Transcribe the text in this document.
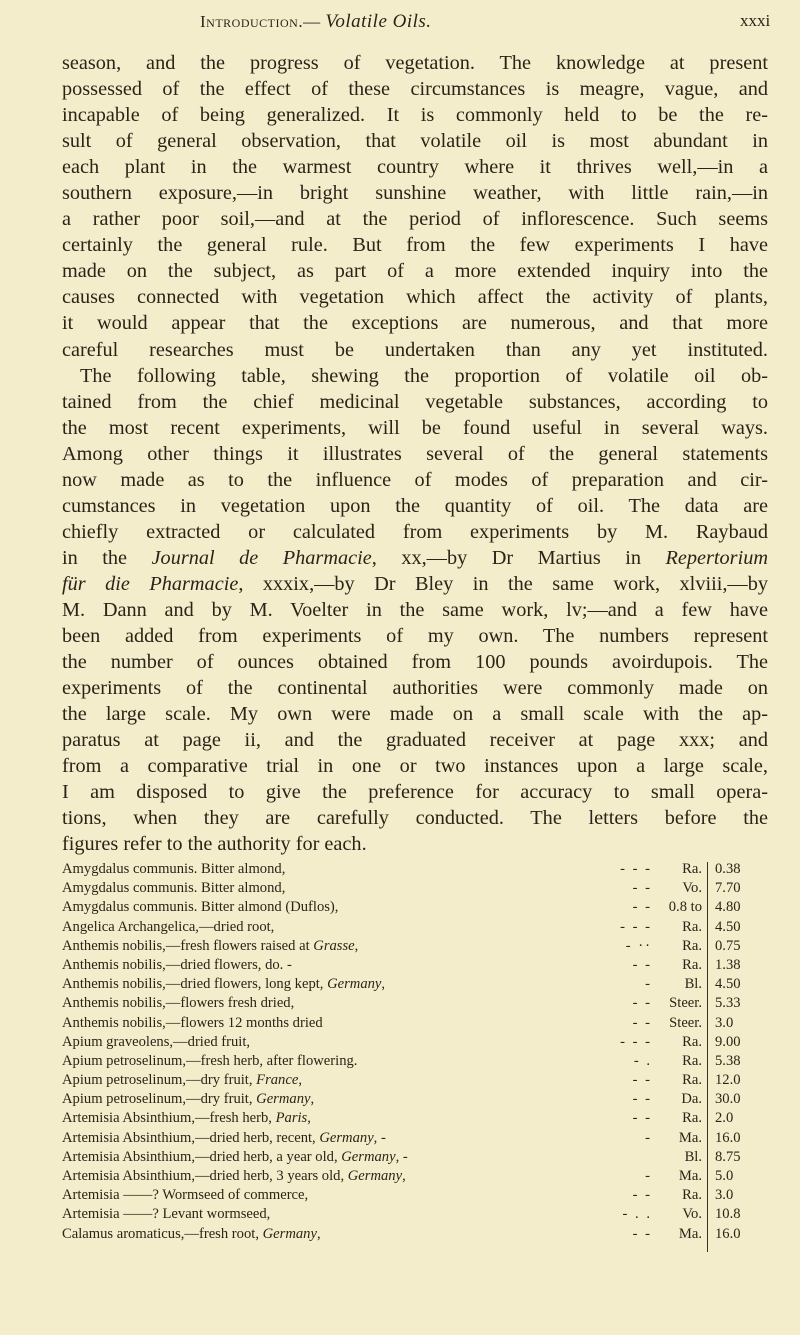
Introduction.— Volatile Oils.	xxxi
season, and the progress of vegetation. The knowledge at present
possessed of the effect of these circumstances is meagre, vague, and
incapable of being generalized. It is commonly held to be the re-
sult of general observation, that volatile oil is most abundant in
each plant in the warmest country where it thrives well,—in a
southern exposure,—in bright sunshine weather, with little rain,—in
a rather poor soil,—and at the period of inflorescence. Such seems
certainly the general rule. But from the few experiments I have
made on the subject, as part of a more extended inquiry into the
causes connected with vegetation which affect the activity of plants,
it would appear that the exceptions are numerous, and that more
careful researches must be undertaken than any yet instituted.
The following table, shewing the proportion of volatile oil ob-
tained from the chief medicinal vegetable substances, according to
the most recent experiments, will be found useful in several ways.
Among other things it illustrates several of the general statements
now made as to the influence of modes of preparation and cir-
cumstances in vegetation upon the quantity of oil. The data are
chiefly extracted or calculated from experiments by M. Raybaud
in the Journal de Pharmacie, xx,—by Dr Martius in Repertorium
für die Pharmacie, xxxix,—by Dr Bley in the same work, xlviii,—by
M. Dann and by M. Voelter in the same work, lv;—and a few have
been added from experiments of my own. The numbers represent
the number of ounces obtained from 100 pounds avoirdupois. The
experiments of the continental authorities were commonly made on
the large scale. My own were made on a small scale with the ap-
paratus at page ii, and the graduated receiver at page xxx; and
from a comparative trial in one or two instances upon a large scale,
I am disposed to give the preference for accuracy to small opera-
tions, when they are carefully conducted. The letters before the
figures refer to the authority for each.
Amygdalus communis. Bitter almond,	- - -	Ra. 0.38
Amygdalus communis. Bitter almond,	- -	Vo. 7.70
Amygdalus communis. Bitter almond (Duflos),	- -	0.8 to 4.80
Angelica Archangelica,—dried root,	- - -	Ra. 4.50
Anthemis nobilis,—fresh flowers raised at Grasse,	- ··	Ra. 0.75
Anthemis nobilis,—dried flowers, do. -	- -	Ra. 1.38
Anthemis nobilis,—dried flowers, long kept, Germany,	-	Bl. 4.50
Anthemis nobilis,—flowers fresh dried,	- -	Steer. 5.33
Anthemis nobilis,—flowers 12 months dried	- -	Steer. 3.0
Apium graveolens,—dried fruit,	- - -	Ra. 9.00
Apium petroselinum,—fresh herb, after flowering.	- .	Ra. 5.38
Apium petroselinum,—dry fruit, France,	- -	Ra. 12.0
Apium petroselinum,—dry fruit, Germany,	- -	Da. 30.0
Artemisia Absinthium,—fresh herb, Paris,	- -	Ra. 2.0
Artemisia Absinthium,—dried herb, recent, Germany, -	-	Ma. 16.0
Artemisia Absinthium,—dried herb, a year old, Germany, -	Bl. 8.75
Artemisia Absinthium,—dried herb, 3 years old, Germany,	-	Ma. 5.0
Artemisia ——? Wormseed of commerce,	- -	Ra. 3.0
Artemisia ——? Levant wormseed,	- . .	Vo. 10.8
Calamus aromaticus,—fresh root, Germany,	- -	Ma. 16.0
